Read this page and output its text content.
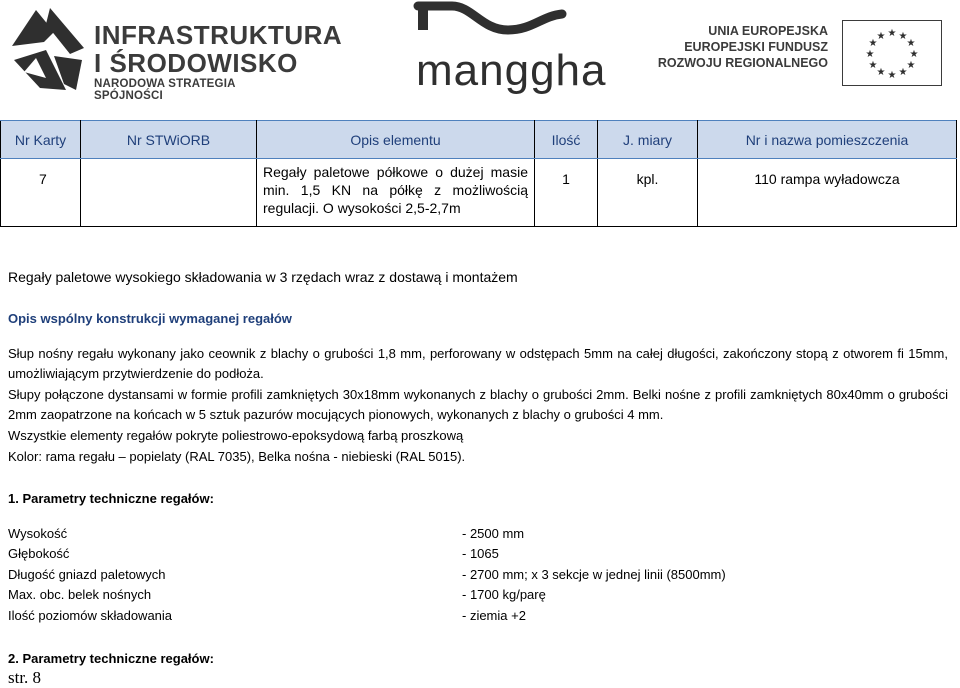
INFRASTRUKTURA
I ŚRODOWISKO
NARODOWA STRATEGIA SPÓJNOŚCI
manggha
UNIA EUROPEJSKA
EUROPEJSKI FUNDUSZ
ROZWOJU REGIONALNEGO
★ ★
★
★
★
★
★
★
★
★
★
★
Nr Karty	Nr STWiORB	Opis elementu	Ilość	J. miary	Nr i nazwa pomieszczenia
7		Regały paletowe półkowe o dużej masie min. 1,5 KN na półkę z możliwością regulacji. O wysokości 2,5-2,7m	1	kpl.	110 rampa wyładowcza
Regały paletowe wysokiego składowania w 3 rzędach wraz z dostawą i montażem
Opis wspólny konstrukcji wymaganej regałów
Słup nośny regału wykonany jako ceownik z blachy o grubości 1,8 mm, perforowany w odstępach 5mm na całej długości, zakończony stopą z otworem fi 15mm, umożliwiającym przytwierdzenie do podłoża.
Słupy połączone dystansami w formie profili zamkniętych 30x18mm wykonanych z blachy o grubości 2mm. Belki nośne z profili zamkniętych 80x40mm o grubości 2mm zaopatrzone na końcach w 5 sztuk pazurów mocujących pionowych, wykonanych z blachy o grubości 4 mm.
Wszystkie elementy regałów pokryte poliestrowo-epoksydową farbą proszkową
Kolor: rama regału – popielaty (RAL 7035), Belka nośna - niebieski (RAL 5015).
1. Parametry techniczne regałów:
Wysokość	- 2500 mm
Głębokość	- 1065
Długość gniazd paletowych	- 2700 mm; x 3 sekcje w jednej linii (8500mm)
Max. obc. belek nośnych	- 1700 kg/parę
Ilość poziomów składowania	- ziemia +2
2. Parametry techniczne regałów:
str. 8
